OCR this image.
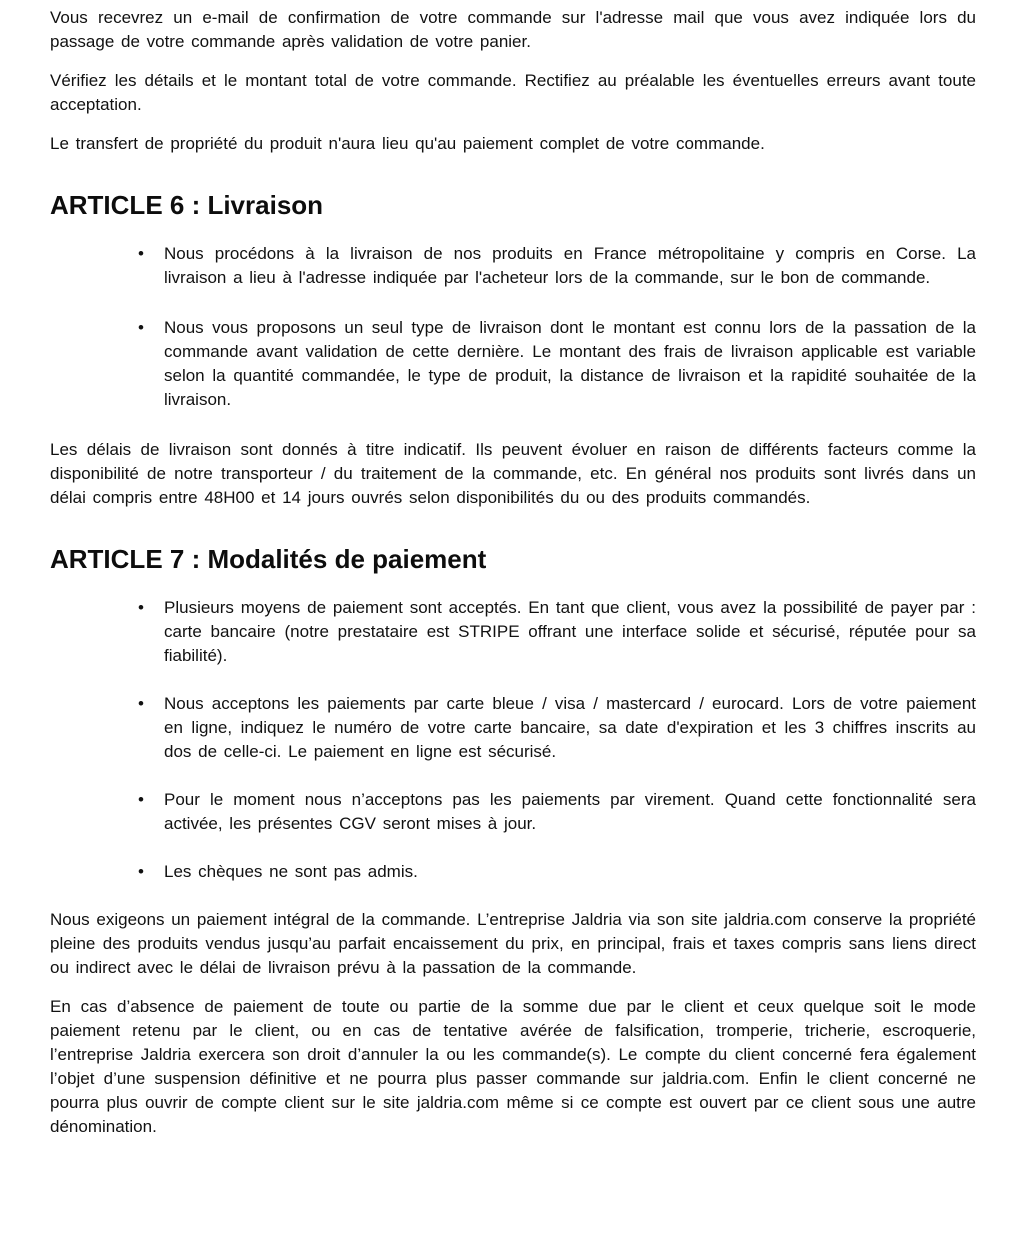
Vous recevrez un e-mail de confirmation de votre commande sur l'adresse mail que vous avez indiquée lors du passage de votre commande après validation de votre panier.

Vérifiez les détails et le montant total de votre commande. Rectifiez au préalable les éventuelles erreurs avant toute acceptation.

Le transfert de propriété du produit n'aura lieu qu'au paiement complet de votre commande.

ARTICLE 6 : Livraison
• Nous procédons à la livraison de nos produits en France métropolitaine y compris en Corse. La livraison a lieu à l'adresse indiquée par l'acheteur lors de la commande, sur le bon de commande.
• Nous vous proposons un seul type de livraison dont le montant est connu lors de la passation de la commande avant validation de cette dernière. Le montant des frais de livraison applicable est variable selon la quantité commandée, le type de produit, la distance de livraison et la rapidité souhaitée de la livraison.

Les délais de livraison sont donnés à titre indicatif. Ils peuvent évoluer en raison de différents facteurs comme la disponibilité de notre transporteur / du traitement de la commande, etc. En général nos produits sont livrés dans un délai compris entre 48H00 et 14 jours ouvrés selon disponibilités du ou des produits commandés.

ARTICLE 7 : Modalités de paiement
• Plusieurs moyens de paiement sont acceptés. En tant que client, vous avez la possibilité de payer par : carte bancaire (notre prestataire est STRIPE offrant une interface solide et sécurisé, réputée pour sa fiabilité).
• Nous acceptons les paiements par carte bleue / visa / mastercard / eurocard. Lors de votre paiement en ligne, indiquez le numéro de votre carte bancaire, sa date d'expiration et les 3 chiffres inscrits au dos de celle-ci. Le paiement en ligne est sécurisé.
• Pour le moment nous n’acceptons pas les paiements par virement. Quand cette fonctionnalité sera activée, les présentes CGV seront mises à jour.
• Les chèques ne sont pas admis.

Nous exigeons un paiement intégral de la commande. L’entreprise Jaldria via son site jaldria.com conserve la propriété pleine des produits vendus jusqu’au parfait encaissement du prix, en principal, frais et taxes compris sans liens direct ou indirect avec le délai de livraison prévu à la passation de la commande.

En cas d’absence de paiement de toute ou partie de la somme due par le client et ceux quelque soit le mode paiement retenu par le client, ou en cas de tentative avérée de falsification, tromperie, tricherie, escroquerie, l’entreprise Jaldria exercera son droit d’annuler la ou les commande(s). Le compte du client concerné fera également l’objet d’une suspension définitive et ne pourra plus passer commande sur jaldria.com. Enfin le client concerné ne pourra plus ouvrir de compte client sur le site jaldria.com même si ce compte est ouvert par ce client sous une autre dénomination.
